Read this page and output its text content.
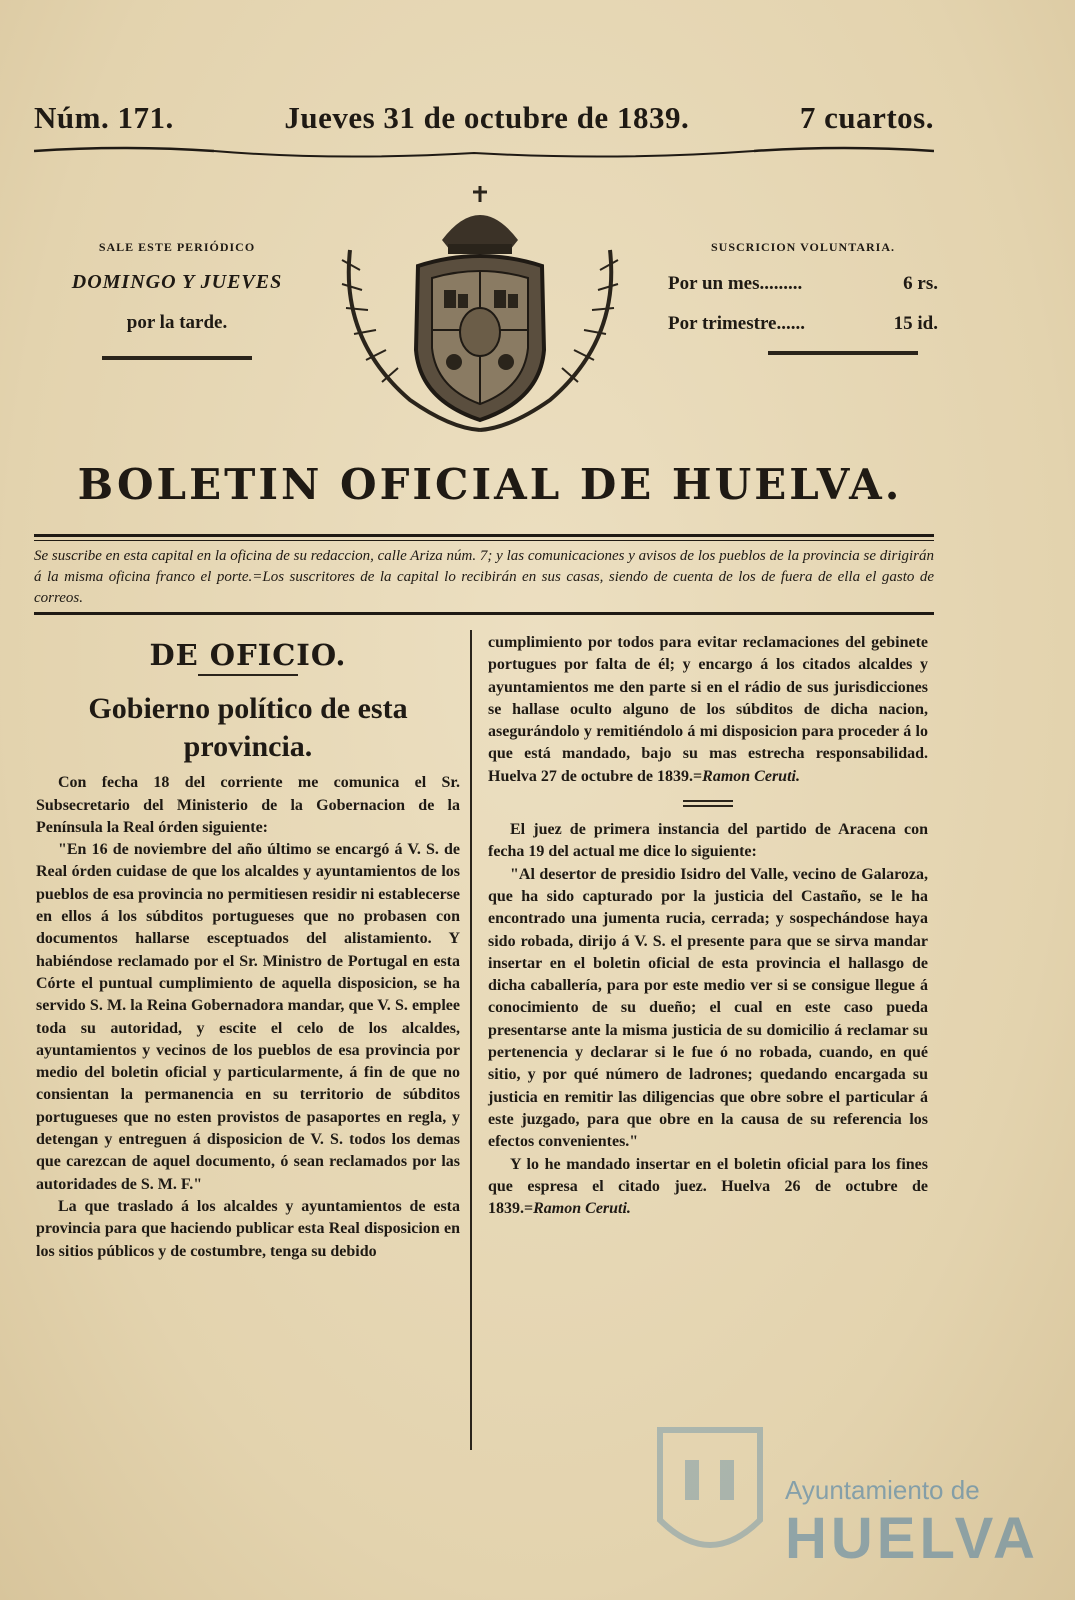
Núm. 171.	Jueves 31 de octubre de 1839.	7 cuartos.
SALE ESTE PERIÓDICO
DOMINGO Y JUEVES
por la tarde.
SUSCRICION VOLUNTARIA.
Por un mes.........	6 rs.
Por trimestre......	15 id.
BOLETIN OFICIAL DE HUELVA.
Se suscribe en esta capital en la oficina de su redaccion, calle Ariza núm. 7; y las comunicaciones y avisos de los pueblos de la provincia se dirigirán á la misma oficina franco el porte.=Los suscritores de la capital lo recibirán en sus casas, siendo de cuenta de los de fuera de ella el gasto de correos.
DE OFICIO.
Gobierno político de esta provincia.

Con fecha 18 del corriente me comunica el Sr. Subsecretario del Ministerio de la Gobernacion de la Península la Real órden siguiente:

"En 16 de noviembre del año último se encargó á V. S. de Real órden cuidase de que los alcaldes y ayuntamientos de los pueblos de esa provincia no permitiesen residir ni establecerse en ellos á los súbditos portugueses que no probasen con documentos hallarse esceptuados del alistamiento. Y habiéndose reclamado por el Sr. Ministro de Portugal en esta Córte el puntual cumplimiento de aquella disposicion, se ha servido S. M. la Reina Gobernadora mandar, que V. S. emplee toda su autoridad, y escite el celo de los alcaldes, ayuntamientos y vecinos de los pueblos de esa provincia por medio del boletin oficial y particularmente, á fin de que no consientan la permanencia en su territorio de súbditos portugueses que no esten provistos de pasaportes en regla, y detengan y entreguen á disposicion de V. S. todos los demas que carezcan de aquel documento, ó sean reclamados por las autoridades de S. M. F."

La que traslado á los alcaldes y ayuntamientos de esta provincia para que haciendo publicar esta Real disposicion en los sitios públicos y de costumbre, tenga su debido

cumplimiento por todos para evitar reclamaciones del gebinete portugues por falta de él; y encargo á los citados alcaldes y ayuntamientos me den parte si en el rádio de sus jurisdicciones se hallase oculto alguno de los súbditos de dicha nacion, asegurándolo y remitiéndolo á mi disposicion para proceder á lo que está mandado, bajo su mas estrecha responsabilidad. Huelva 27 de octubre de 1839.=Ramon Ceruti.

El juez de primera instancia del partido de Aracena con fecha 19 del actual me dice lo siguiente:

"Al desertor de presidio Isidro del Valle, vecino de Galaroza, que ha sido capturado por la justicia del Castaño, se le ha encontrado una jumenta rucia, cerrada; y sospechándose haya sido robada, dirijo á V. S. el presente para que se sirva mandar insertar en el boletin oficial de esta provincia el hallasgo de dicha caballería, para por este medio ver si se consigue llegue á conocimiento de su dueño; el cual en este caso pueda presentarse ante la misma justicia de su domicilio á reclamar su pertenencia y declarar si le fue ó no robada, cuando, en qué sitio, y por qué número de ladrones; quedando encargada su justicia en remitir las diligencias que obre sobre el particular á este juzgado, para que obre en la causa de su referencia los efectos convenientes."

Y lo he mandado insertar en el boletin oficial para los fines que espresa el citado juez. Huelva 26 de octubre de 1839.=Ramon Ceruti.

Ayuntamiento de
HUELVA
